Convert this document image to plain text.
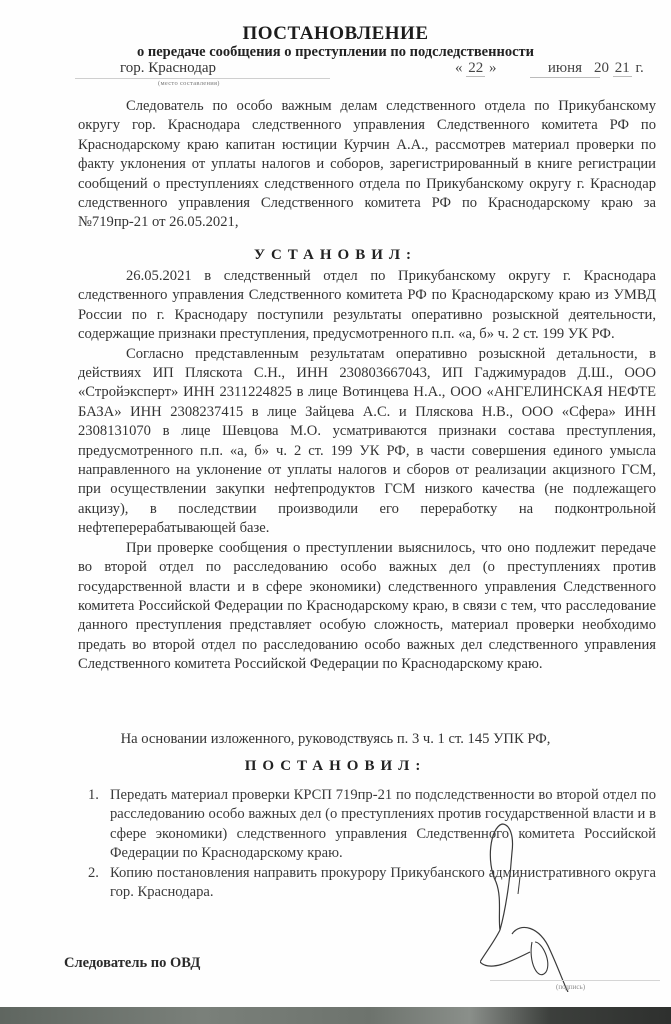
ПОСТАНОВЛЕНИЕ
о передаче сообщения о преступлении по подследственности
гор. Краснодар
(место составления)
« 22 »	июня 20 21 г.

Следователь по особо важным делам следственного отдела по Прикубанскому округу гор. Краснодара следственного управления Следственного комитета РФ по Краснодарскому краю капитан юстиции Курчин А.А., рассмотрев материал проверки по факту уклонения от уплаты налогов и соборов, зарегистрированный в книге регистрации сообщений о преступлениях следственного отдела по Прикубанскому округу г. Краснодар следственного управления Следственного комитета РФ по Краснодарскому краю за №719пр-21 от 26.05.2021,

УСТАНОВИЛ:

26.05.2021 в следственный отдел по Прикубанскому округу г. Краснодара следственного управления Следственного комитета РФ по Краснодарскому краю из УМВД России по г. Краснодару поступили результаты оперативно розыскной деятельности, содержащие признаки преступления, предусмотренного п.п. «а, б» ч. 2 ст. 199 УК РФ.

Согласно представленным результатам оперативно розыскной детальности, в действиях ИП Пляскота С.Н., ИНН 230803667043, ИП Гаджимурадов Д.Ш., ООО «Стройэксперт» ИНН 2311224825 в лице Вотинцева Н.А., ООО «АНГЕЛИНСКАЯ НЕФТЕ БАЗА» ИНН 2308237415 в лице Зайцева А.С. и Плясковa Н.В., ООО «Сфера» ИНН 2308131070 в лице Шевцова М.О. усматриваются признаки состава преступления, предусмотренного п.п. «а, б» ч. 2 ст. 199 УК РФ, в части совершения единого умысла направленного на уклонение от уплаты налогов и сборов от реализации акцизного ГСМ, при осуществлении закупки нефтепродуктов ГСМ низкого качества (не подлежащего акцизу), в последствии производили его переработку на подконтрольной нефтеперерабатывающей базе.

При проверке сообщения о преступлении выяснилось, что оно подлежит передаче во второй отдел по расследованию особо важных дел (о преступлениях против государственной власти и в сфере экономики) следственного управления Следственного комитета Российской Федерации по Краснодарскому краю, в связи с тем, что расследование данного преступления представляет особую сложность, материал проверки необходимо предать во второй отдел по расследованию особо важных дел следственного управления Следственного комитета Российской Федерации по Краснодарскому краю.

На основании изложенного, руководствуясь п. 3 ч. 1 ст. 145 УПК РФ,
ПОСТАНОВИЛ:
1. Передать материал проверки КРСП 719пр-21 по подследственности во второй отдел по расследованию особо важных дел (о преступлениях против государственной власти и в сфере экономики) следственного управления Следственного комитета Российской Федерации по Краснодарскому краю.
2. Копию постановления направить прокурору Прикубанского административного округа гор. Краснодара.
Следователь по ОВД
(подпись)
